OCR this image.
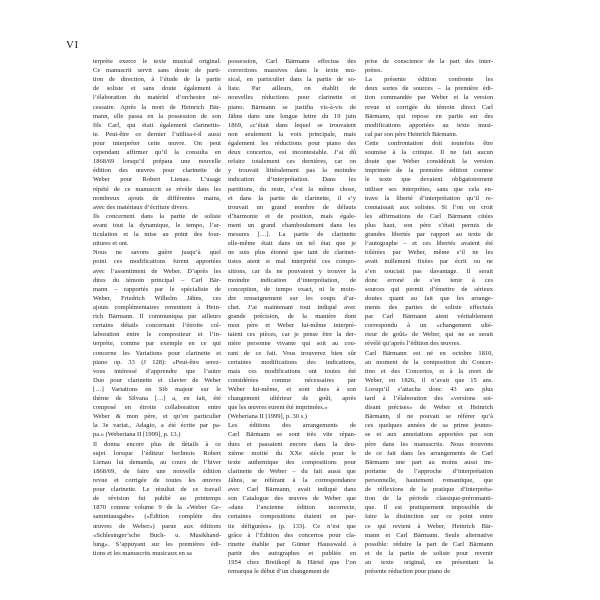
VI
terprète exerce le texte musical original.
Ce manuscrit servit sans doute de parti-
tion de direction, à l’étude de la partie
de soliste et sans doute également à
l’élaboration du matériel d’orchestre né-
cessaire. Après la mort de Heinrich Bär-
mann, elle passa en la possession de son
fils Carl, qui était également clarinettis-
te. Peut-être ce dernier l’utilisa-t-il aussi
pour interpréter cette œuvre. On peut
cependant affirmer qu’il la consulta en
1868/69 lorsqu’il prépara une nouvelle
édition des œuvres pour clarinette de
Weber pour Robert Lienau. L’usage
répété de ce manuscrit se révèle dans les
nombreux ajouts de différentes mains,
avec des matériaux d’écriture divers.
Ils concernent dans la partie de soliste
avant tout la dynamique, le tempo, l’ar-
ticulation et la mise au point des four-
nitures et ont.
Nous ne savons guère jusqu’à quel
point ces modifications furent apportées
avec l’assentiment de Weber. D’après les
dires du témoin principal – Carl Bär-
mann – rapportés par le spécialiste de
Weber, Friedrich Wilhelm Jähns, ces
ajouts complémentaires remontent à Hein-
rich Bärmann. Il communiqua par ailleurs
certains détails concernant l’étroite col-
laboration entre le compositeur et l’in-
terprète, comme par exemple en ce qui
concerne les Variations pour clarinette et
piano op. 33 (J 128): «Peut-être serez-
vous intéressé d’apprendre que l’autre
Duo pour clarinette et clavier de Weber
[…] Variations en Sib majeur sur le
thème de Silvana […] a, en fait, été
composé en étroite collaboration entre
Weber & mon père, et qu’en particulier
la 3e variat., Adagio, a été écrite par pa-
pa.» (Weberiana II [1999], p. 13.)
Il donna encore plus de détails à ce
sujet lorsque l’éditeur berlinois Robert
Lienau lui demanda, au cours de l’hiver
1868/69, de faire une nouvelle édition
revue et corrigée de toutes les œuvres
pour clarinette. Le résultat de ce travail
de révision fut publié au printemps
1870 comme volume 9 de la «Weber Ge-
sammtausgabe» («Édition complète des
œuvres de Weber») parue aux éditions
«Schlesinger’sche Buch- u. Musikhand-
lung». S’appuyant sur les premières édi-
tions et les manuscrits musicaux en sa
possession, Carl Bärmann effectua des
corrections massives dans le texte mu-
sical, en particulier dans la partie de so-
liste. Par ailleurs, on établit de
nouvelles réductions pour clarinette et
piano. Bärmann se justifia vis-à-vis de
Jähns dans une longue lettre du 19 juin
1869, «c’était dans lequel se trouvaient
non seulement la voix principale, mais
également les réductions pour piano des
deux concertos, est incontestable. J’ai dû
refaire totalement ces dernières, car on
y trouvait littéralement pas la moindre
indication d’interprétation. Dans les
partitions, du reste, c’est la même chose,
et dans la partie de clarinette, il s’y
trouvait un grand nombre de défauts
d’harmonie et de position, mais égale-
ment un grand chamboulement dans les
mesures […]. La partie de clarinette
elle-même était dans un tel état que je
ne suis plus étonné que tant de clarinet-
tistes aient si mal interprété ces compo-
sitions, car ils ne pouvaient y trouver la
moindre indication d’interprétation, de
conception, de tempo exact, ni le moin-
dre renseignement sur les coups d’ar-
chet. J’ai maintenant tout indiqué avec
grande précision, de la manière dont
mon père et Weber lui-même interpré-
taient ces pièces, car je pense être la der-
nière personne vivante qui soit au cou-
rant de ce fait. Vous trouverez bien sûr
certaines modifications des indications,
mais ces modifications ont toutes été
considérées comme nécessaires par
Weber lui-même, et sont dues à son
changement ultérieur de goût, après
que les œuvres eurent été imprimées.»
(Weberiana II [1999], p. 30 s.)
Les éditions des arrangements de
Carl Bärmann se sont très vite répan-
dues et passaient encore dans la deu-
xième moitié du XXe siècle pour le
texte authentique des compositions pour
clarinette de Weber – du fait aussi que
Jähns, se référant à la correspondance
avec Carl Bärmann, avait indiqué dans
son Catalogue des œuvres de Weber que
«dans l’ancienne édition incorrecte,
certaines compositions étaient en par-
tie défigurées» (p. 133). Ce n’est que
grâce à l’Édition des concertos pour cla-
rinette établie par Günter Hausswald à
partir des autographes et publiée en
1954 chez Breitkopf & Härtel que l’on
remarqua le début d’un changement de
prise de conscience de la part des inter-
prètes.
La présente édition confronte les
deux sortes de sources – la première édi-
tion commandée par Weber et la version
revue et corrigée du témoin direct Carl
Bärmann, qui repose en partie sur des
modifications apportées au texte musi-
cal par son père Heinrich Bärmann.
Cette confrontation doit toutefois être
soumise à la critique. Il ne fait aucun
doute que Weber considérait la version
imprimée de la première édition comme
le texte que devaient obligatoirement
utiliser ses interprètes, sans que cela en-
trave la liberté d’interprétation qu’il re-
connaissait aux solistes. Si l’on en croit
les affirmations de Carl Bärmann citées
plus haut, son père s’était permis de
grandes libertés par rapport au texte de
l’autographe – et ces libertés avaient été
tolérées par Weber, même s’il ne les
avait nullement fixées par écrit ou ne
s’en souciait pas davantage. Il serait
donc erroné de s’en tenir à ces
sources qui permit d’émettre de sérieux
doutes quant au fait que les arrange-
ments des parties de soliste effectués
par Carl Bärmann aient véritablement
correspondu à un «changement ulté-
rieur de goût» de Weber, qui ne se serait
révélé qu’après l’édition des œuvres.
Carl Bärmann est né en octobre 1810,
au moment de la composition du Concer-
tino et des Concertos, et à la mort de
Weber, en 1826, il n’avait que 15 ans.
Lorsqu’il s’attacha donc 43 ans plus
tard à l’élaboration des «versions soi-
disant précises» de Weber et Heinrich
Bärmann, il ne pouvait se référer qu’à
ces quelques années de sa prime jeunes-
se et aux annotations apportées par son
père dans les manuscrits. Nous trouvons
de ce fait dans les arrangements de Carl
Bärmann une part au moins aussi im-
portante de l’approche d’interprétation
personnelle, hautement romantique, que
de réflexions de la pratique d’interpréta-
tion de la période classique-préromanti-
que. Il est pratiquement impossible de
faire la distinction sur ce point entre
ce qui revient à Weber, Heinrich Bär-
mann et Carl Bärmann. Seule alternative
possible: réduire la part de Carl Bärmann
et de la partie de soliste pour revenir
au texte original, en présentant la
présente réduction pour piano de
